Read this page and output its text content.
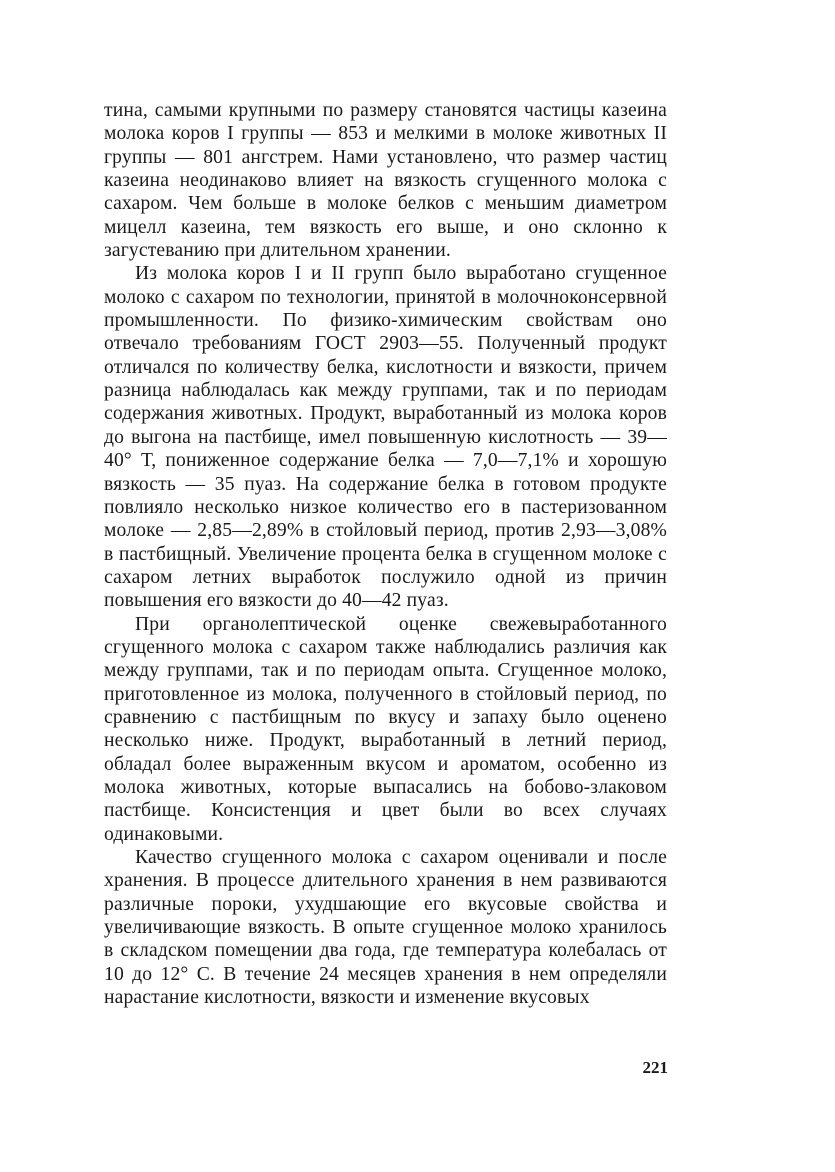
тина, самыми крупными по размеру становятся частицы казеина молока коров I группы — 853 и мелкими в молоке животных II группы — 801 ангстрем. Нами установлено, что размер частиц казеина неодинаково влияет на вязкость сгущенного молока с сахаром. Чем больше в молоке белков с меньшим диаметром мицелл казеина, тем вязкость его выше, и оно склонно к загустеванию при длительном хранении.

Из молока коров I и II групп было выработано сгущенное молоко с сахаром по технологии, принятой в молочноконсервной промышленности. По физико-химическим свойствам оно отвечало требованиям ГОСТ 2903—55. Полученный продукт отличался по количеству белка, кислотности и вязкости, причем разница наблюдалась как между группами, так и по периодам содержания животных. Продукт, выработанный из молока коров до выгона на пастбище, имел повышенную кислотность — 39—40° Т, пониженное содержание белка — 7,0—7,1% и хорошую вязкость — 35 пуаз. На содержание белка в готовом продукте повлияло несколько низкое количество его в пастеризованном молоке — 2,85—2,89% в стойловый период, против 2,93—3,08% в пастбищный. Увеличение процента белка в сгущенном молоке с сахаром летних выработок послужило одной из причин повышения его вязкости до 40—42 пуаз.

При органолептической оценке свежевыработанного сгущенного молока с сахаром также наблюдались различия как между группами, так и по периодам опыта. Сгущенное молоко, приготовленное из молока, полученного в стойловый период, по сравнению с пастбищным по вкусу и запаху было оценено несколько ниже. Продукт, выработанный в летний период, обладал более выраженным вкусом и ароматом, особенно из молока животных, которые выпасались на бобово-злаковом пастбище. Консистенция и цвет были во всех случаях одинаковыми.

Качество сгущенного молока с сахаром оценивали и после хранения. В процессе длительного хранения в нем развиваются различные пороки, ухудшающие его вкусовые свойства и увеличивающие вязкость. В опыте сгущенное молоко хранилось в складском помещении два года, где температура колебалась от 10 до 12° С. В течение 24 месяцев хранения в нем определяли нарастание кислотности, вязкости и изменение вкусовых

221
